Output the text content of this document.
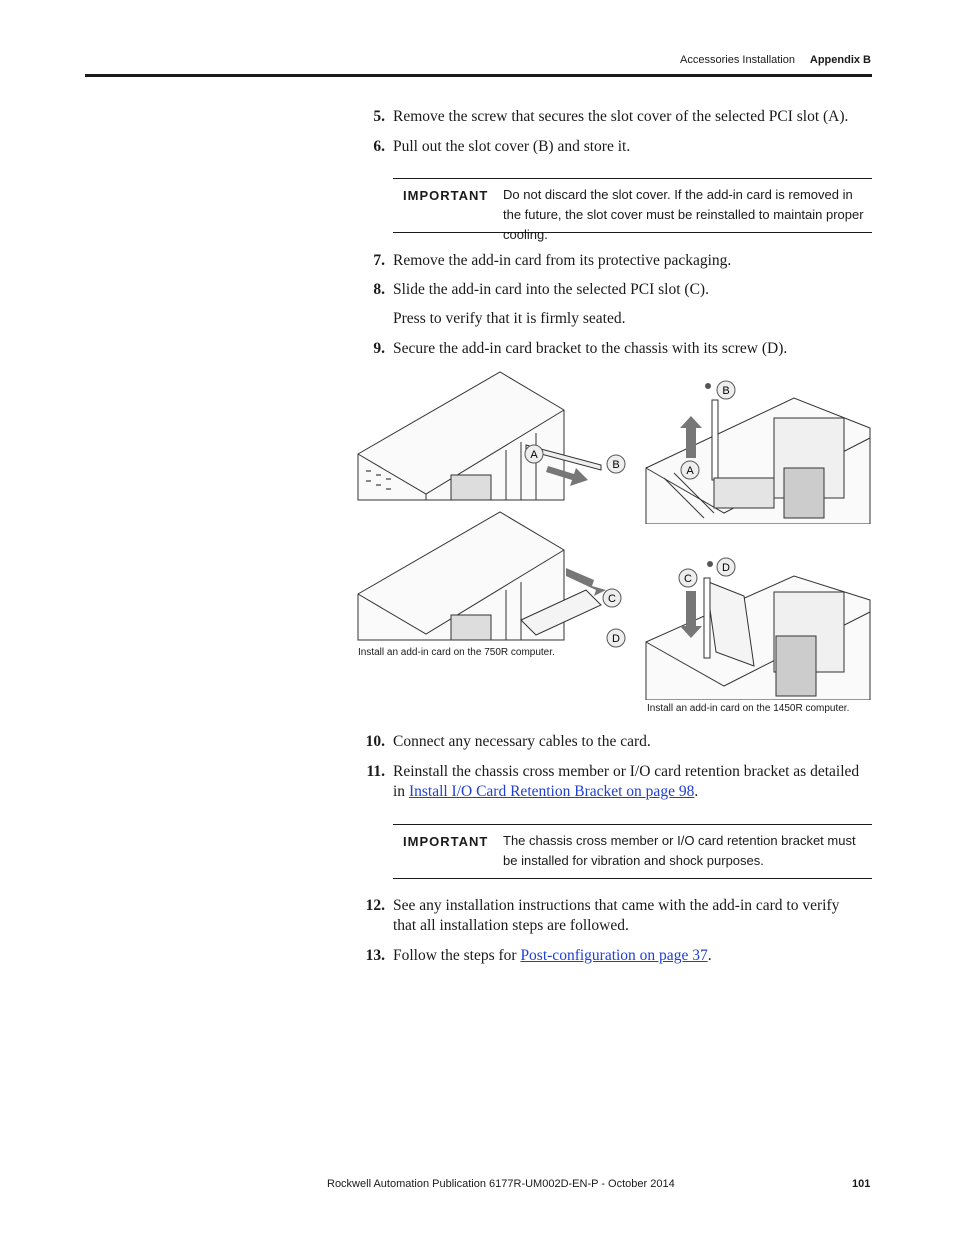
Accessories Installation Appendix B
5. Remove the screw that secures the slot cover of the selected PCI slot (A).
6. Pull out the slot cover (B) and store it.
IMPORTANT Do not discard the slot cover. If the add-in card is removed in the future, the slot cover must be reinstalled to maintain proper cooling.
7. Remove the add-in card from its protective packaging.
8. Slide the add-in card into the selected PCI slot (C).
Press to verify that it is firmly seated.
9. Secure the add-in card bracket to the chassis with its screw (D).
A
B
B
A
C
D
C
D
Install an add-in card on the 750R computer.
Install an add-in card on the 1450R computer.
10. Connect any necessary cables to the card.
11. Reinstall the chassis cross member or I/O card retention bracket as detailed in Install I/O Card Retention Bracket on page 98.
IMPORTANT The chassis cross member or I/O card retention bracket must be installed for vibration and shock purposes.
12. See any installation instructions that came with the add-in card to verify that all installation steps are followed.
13. Follow the steps for Post-configuration on page 37.
Rockwell Automation Publication 6177R-UM002D-EN-P - October 2014	101
